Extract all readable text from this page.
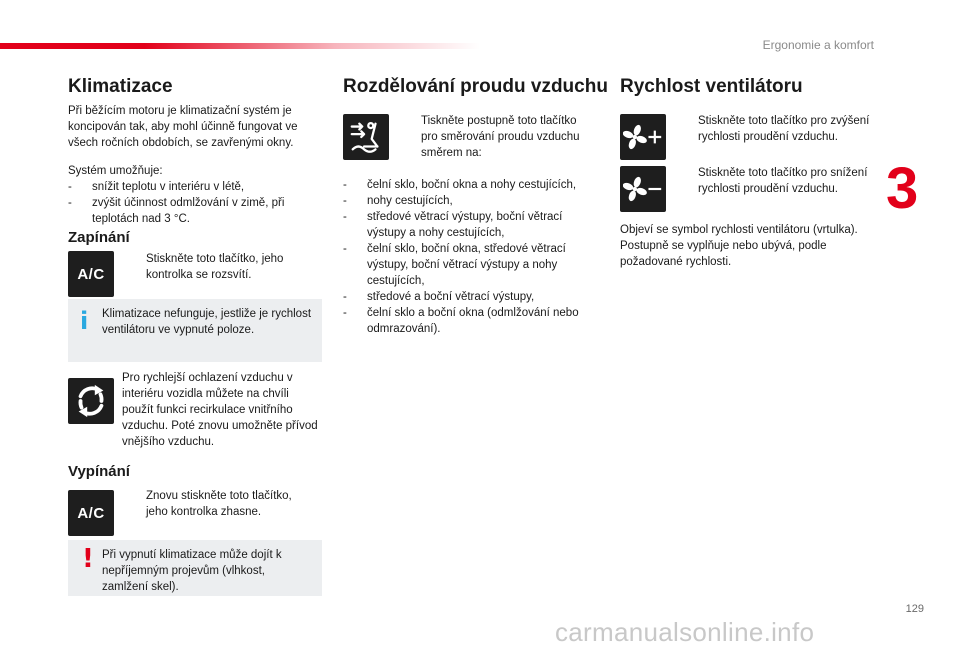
Ergonomie a komfort
3
Klimatizace
Při běžícím motoru je klimatizační systém je koncipován tak, aby mohl účinně fungovat ve všech ročních obdobích, se zavřenými okny.
Systém umožňuje:
-	snížit teplotu v interiéru v létě,
-	zvýšit účinnost odmlžování v zimě, při teplotách nad 3 °C.
Zapínání
A/C
Stiskněte toto tlačítko, jeho kontrolka se rozsvítí.
i Klimatizace nefunguje, jestliže je rychlost ventilátoru ve vypnuté poloze.
Pro rychlejší ochlazení vzduchu v interiéru vozidla můžete na chvíli použít funkci recirkulace vnitřního vzduchu. Poté znovu umožněte přívod vnějšího vzduchu.
Vypínání
A/C
Znovu stiskněte toto tlačítko, jeho kontrolka zhasne.
! Při vypnutí klimatizace může dojít k nepříjemným projevům (vlhkost, zamlžení skel).
Rozdělování proudu vzduchu
Tiskněte postupně toto tlačítko pro směrování proudu vzduchu směrem na:
-	čelní sklo, boční okna a nohy cestujících,
-	nohy cestujících,
-	středové větrací výstupy, boční větrací výstupy a nohy cestujících,
-	čelní sklo, boční okna, středové větrací výstupy, boční větrací výstupy a nohy cestujících,
-	středové a boční větrací výstupy,
-	čelní sklo a boční okna (odmlžování nebo odmrazování).
Rychlost ventilátoru
Stiskněte toto tlačítko pro zvýšení rychlosti proudění vzduchu.
Stiskněte toto tlačítko pro snížení rychlosti proudění vzduchu.
Objeví se symbol rychlosti ventilátoru (vrtulka). Postupně se vyplňuje nebo ubývá, podle požadované rychlosti.
129
carmanualsonline.info
